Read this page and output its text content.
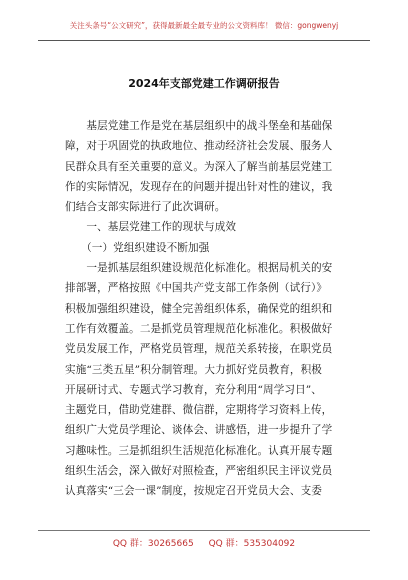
关注头条号“公文研究”，获得最新最全最专业的公文资料库！ 微信：gongwenyj
2024年支部党建工作调研报告
　　基层党建工作是党在基层组织中的战斗堡垒和基础保
障，对于巩固党的执政地位、推动经济社会发展、服务人
民群众具有至关重要的意义。为深入了解当前基层党建工
作的实际情况，发现存在的问题并提出针对性的建议，我
们结合支部实际进行了此次调研。
　　一、基层党建工作的现状与成效
　　（一）党组织建设不断加强
　　一是抓基层组织建设规范化标准化。根据局机关的安
排部署，严格按照《中国共产党支部工作条例（试行）》
积极加强组织建设，健全完善组织体系，确保党的组织和
工作有效覆盖。二是抓党员管理规范化标准化。积极做好
党员发展工作，严格党员管理，规范关系转接，在职党员
实施“三类五星”积分制管理。大力抓好党员教育，积极
开展研讨式、专题式学习教育，充分利用“周学习日”、
主题党日，借助党建群、微信群，定期将学习资料上传，
组织广大党员学理论、谈体会、讲感悟，进一步提升了学
习趣味性。三是抓组织生活规范化标准化。认真开展专题
组织生活会，深入做好对照检查，严密组织民主评议党员
认真落实“三会一课”制度，按规定召开党员大会、支委
QQ 群：30265665 QQ 群：535304092
